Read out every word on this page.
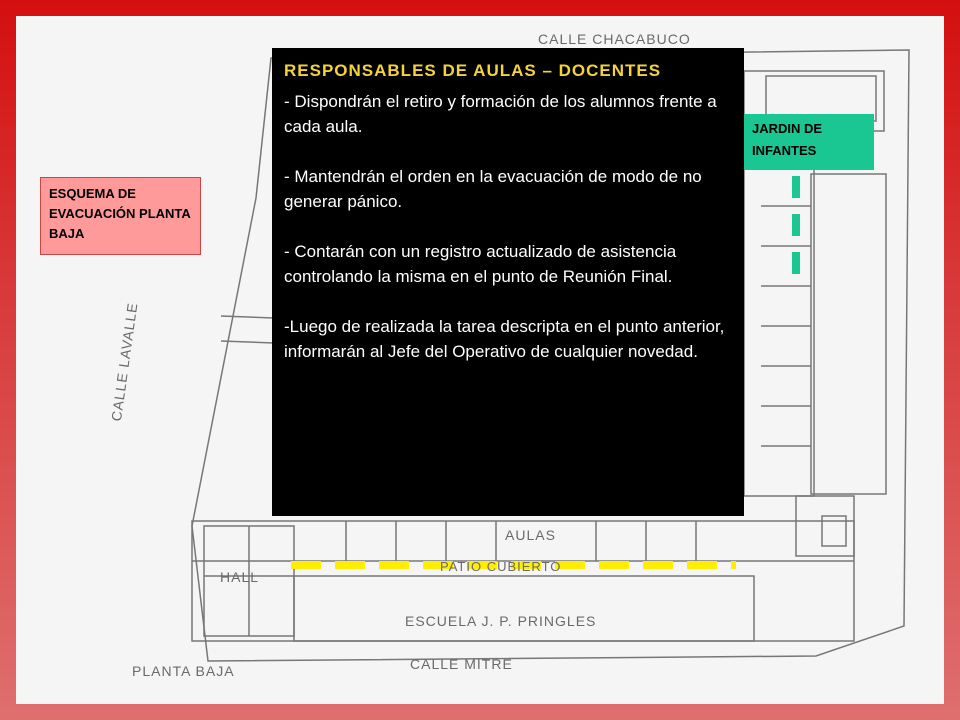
CALLE CHACABUCO
CALLE LAVALLE
CALLE MITRE
PLANTA BAJA
ESCUELA J. P. PRINGLES
AULAS
PATIO CUBIERTO
HALL
ESQUEMA DE EVACUACIÓN PLANTA BAJA
JARDIN DE INFANTES
RESPONSABLES DE AULAS – DOCENTES

- Dispondrán el retiro y formación de los alumnos frente a cada aula.

- Mantendrán el orden en la evacuación de modo de no generar pánico.

- Contarán con un registro actualizado de asistencia controlando la misma en el punto de Reunión Final.

-Luego de realizada la tarea descripta en el punto anterior, informarán al Jefe del Operativo de cualquier novedad.
